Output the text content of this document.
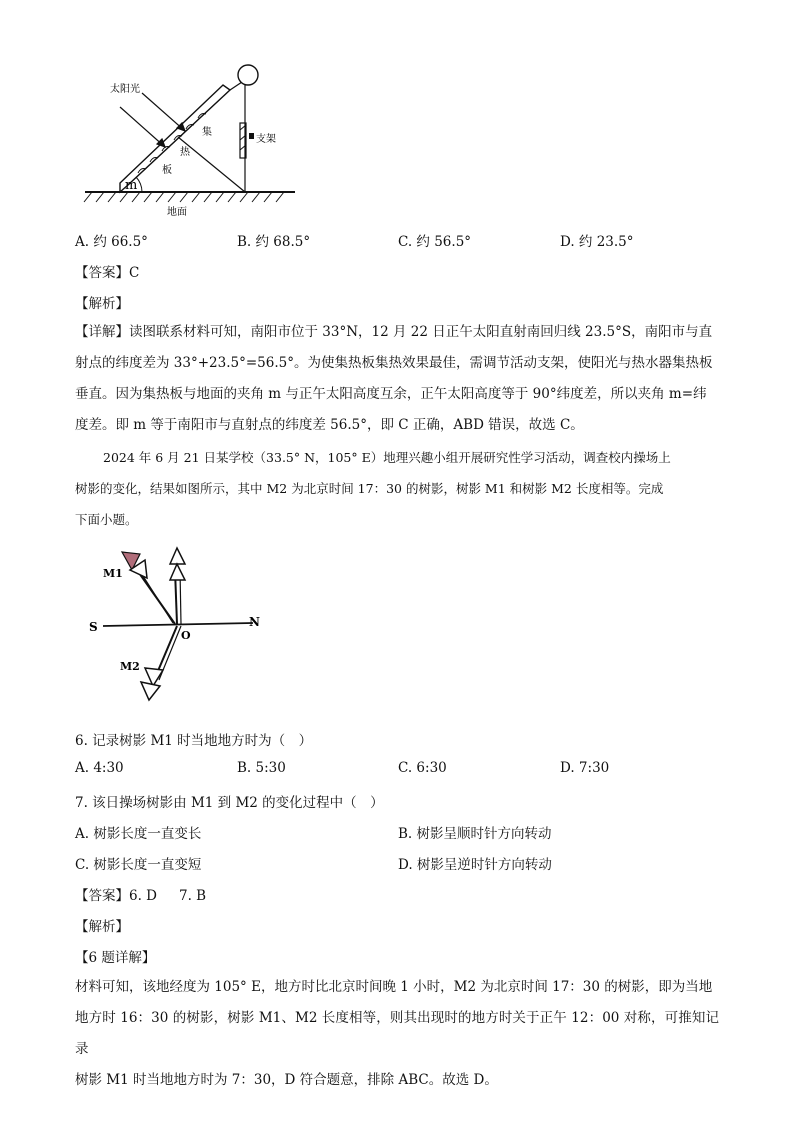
太阳光
集
热
板
支架
m
地面
A. 约 66.5°	B. 约 68.5°	C. 约 56.5°	D. 约 23.5°
【答案】C
【解析】
【详解】读图联系材料可知，南阳市位于 33°N，12 月 22 日正午太阳直射南回归线 23.5°S，南阳市与直
射点的纬度差为 33°+23.5°=56.5°。为使集热板集热效果最佳，需调节活动支架，使阳光与热水器集热板
垂直。因为集热板与地面的夹角 m 与正午太阳高度互余，正午太阳高度等于 90°纬度差，所以夹角 m=纬
度差。即 m 等于南阳市与直射点的纬度差 56.5°，即 C 正确，ABD 错误，故选 C。
2024 年 6 月 21 日某学校（33.5° N，105° E）地理兴趣小组开展研究性学习活动，调查校内操场上
树影的变化，结果如图所示，其中 M2 为北京时间 17：30 的树影，树影 M1 和树影 M2 长度相等。完成
下面小题。
S	N
O
M1
M2
6. 记录树影 M1 时当地地方时为（　）
A. 4:30	B. 5:30	C. 6:30	D. 7:30
7. 该日操场树影由 M1 到 M2 的变化过程中（　）
A. 树影长度一直变长	B. 树影呈顺时针方向转动
C. 树影长度一直变短	D. 树影呈逆时针方向转动
【答案】6. D 7. B
【解析】
【6 题详解】
材料可知，该地经度为 105° E，地方时比北京时间晚 1 小时，M2 为北京时间 17：30 的树影，即为当地
地方时 16：30 的树影，树影 M1、M2 长度相等，则其出现时的地方时关于正午 12：00 对称，可推知记录
树影 M1 时当地地方时为 7：30，D 符合题意，排除 ABC。故选 D。
